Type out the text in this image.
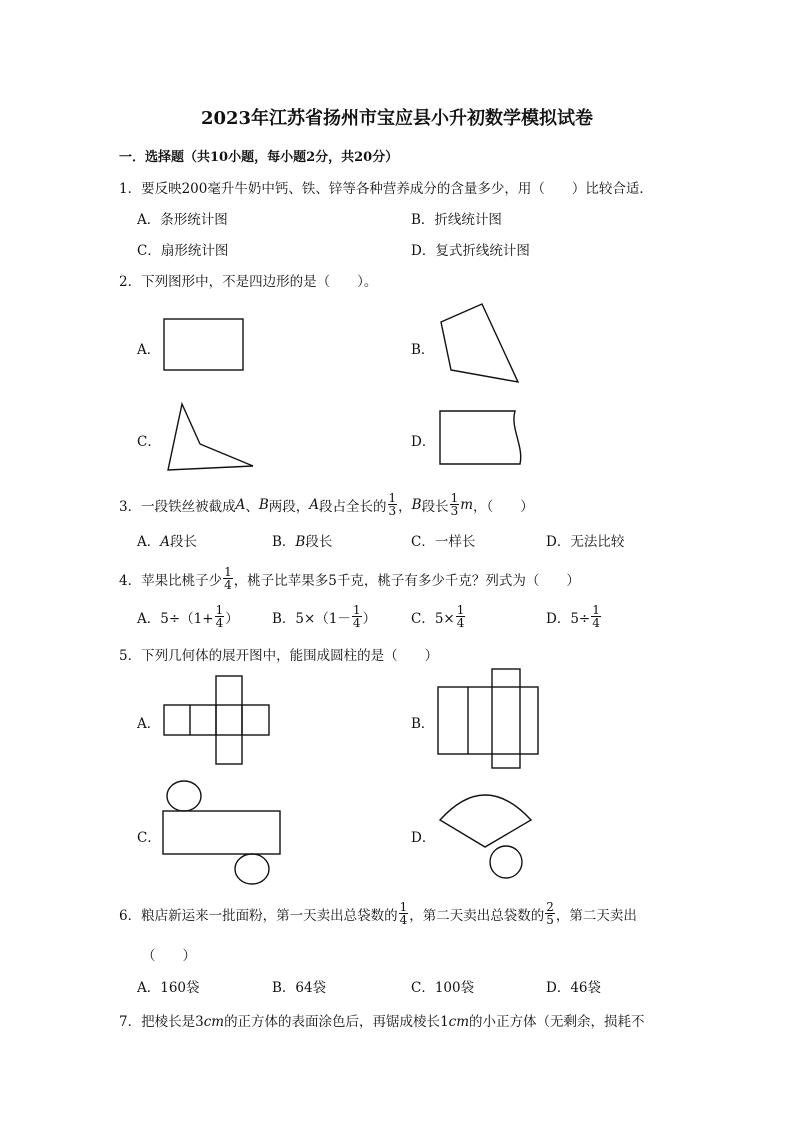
2023年江苏省扬州市宝应县小升初数学模拟试卷
一．选择题（共10小题，每小题2分，共20分）
1．要反映200毫升牛奶中钙、铁、锌等各种营养成分的含量多少，用（　　）比较合适．
A．条形统计图	B．折线统计图
C．扇形统计图	D．复式折线统计图
2．下列图形中，不是四边形的是（　　）。
A．	B．
C．	D．
3．一段铁丝被截成 A 、 B 两段， A 段占全长的 $\frac{1}{3}$ ， B 段长 $\frac{1}{3}$ m ，（　　）
A．A段长	B．B段长	C．一样长	D．无法比较
4．苹果比桃子少 $\frac{1}{4}$ ，桃子比苹果多5千克，桃子有多少千克？列式为（　　）
A．$5\div(1+ \frac{1}{4}$ ） B．$5\times(1- \frac{1}{4}$ ）	C．$5\times \frac{1}{4}$	D．$5\div \frac{1}{4}$
5．下列几何体的展开图中，能围成圆柱的是（　　）
A．	B．
C．	D．
6．粮店新运来一批面粉，第一天卖出总袋数的 $\frac{1}{4}$ ，第二天卖出总袋数的 $\frac{2}{5}$ ，第二天卖出
（　　）
A．160袋	B．64袋	C．100袋	D．46袋
7．把棱长是3cm的正方体的表面涂色后，再锯成棱长1cm的小正方体（无剩余，损耗不
